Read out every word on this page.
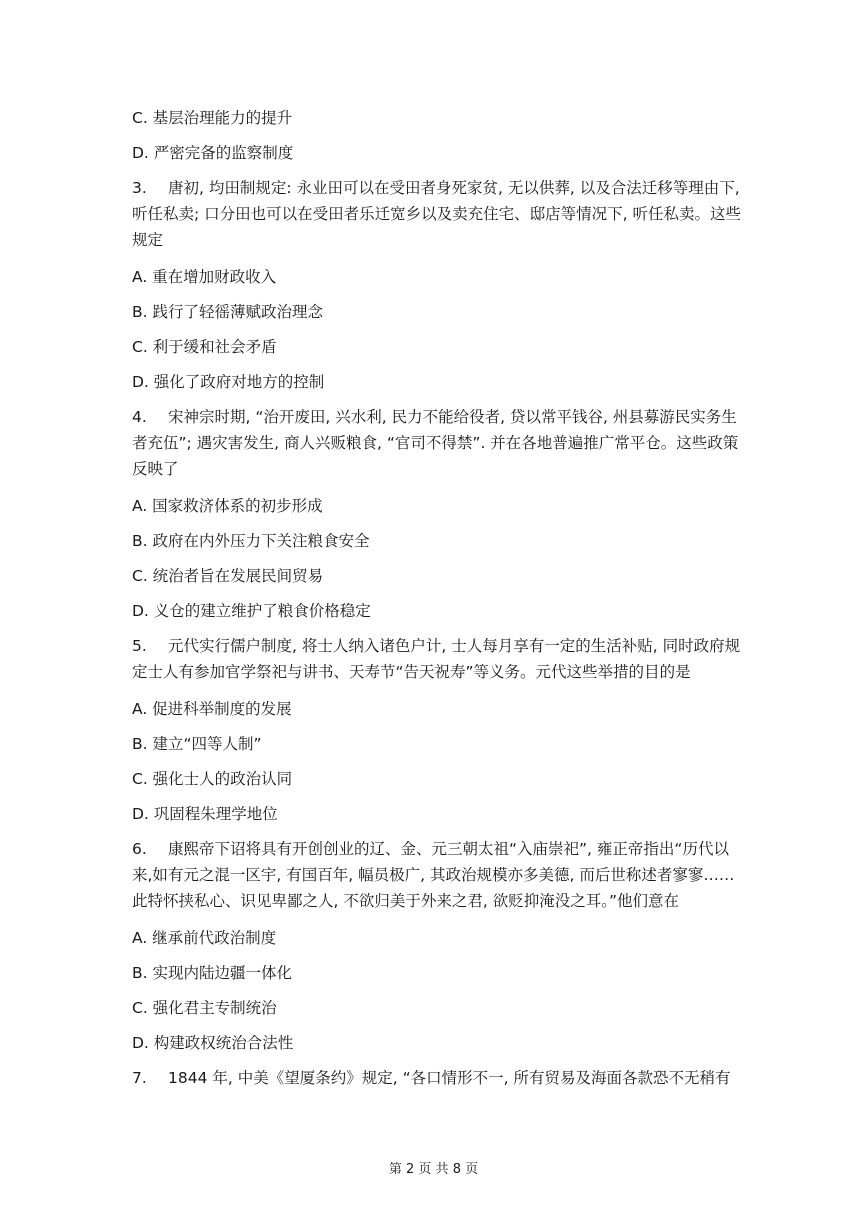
C. 基层治理能力的提升
D. 严密完备的监察制度
3. 唐初, 均田制规定: 永业田可以在受田者身死家贫, 无以供葬, 以及合法迁移等理由下,听任私卖; 口分田也可以在受田者乐迁宽乡以及卖充住宅、邸店等情况下, 听任私卖。这些规定
A. 重在增加财政收入
B. 践行了轻徭薄赋政治理念
C. 利于缓和社会矛盾
D. 强化了政府对地方的控制
4. 宋神宗时期, “治开废田, 兴水利, 民力不能给役者, 贷以常平钱谷, 州县募游民实务生者充伍”; 遇灾害发生, 商人兴贩粮食, “官司不得禁”. 并在各地普遍推广常平仓。这些政策反映了
A. 国家救济体系的初步形成
B. 政府在内外压力下关注粮食安全
C. 统治者旨在发展民间贸易
D. 义仓的建立维护了粮食价格稳定
5. 元代实行儒户制度, 将士人纳入诸色户计, 士人每月享有一定的生活补贴, 同时政府规定士人有参加官学祭祀与讲书、天寿节“告天祝寿”等义务。元代这些举措的目的是
A. 促进科举制度的发展
B. 建立“四等人制”
C. 强化士人的政治认同
D. 巩固程朱理学地位
6. 康熙帝下诏将具有开创创业的辽、金、元三朝太祖“入庙崇祀”, 雍正帝指出“历代以来,如有元之混一区宇, 有国百年, 幅员极广, 其政治规模亦多美德, 而后世称述者寥寥……此特怀挟私心、识见卑鄙之人, 不欲归美于外来之君, 欲贬抑淹没之耳。”他们意在
A. 继承前代政治制度
B. 实现内陆边疆一体化
C. 强化君主专制统治
D. 构建政权统治合法性
7. 1844 年, 中美《望厦条约》规定, “各口情形不一, 所有贸易及海面各款恐不无稍有
第 2 页 共 8 页
